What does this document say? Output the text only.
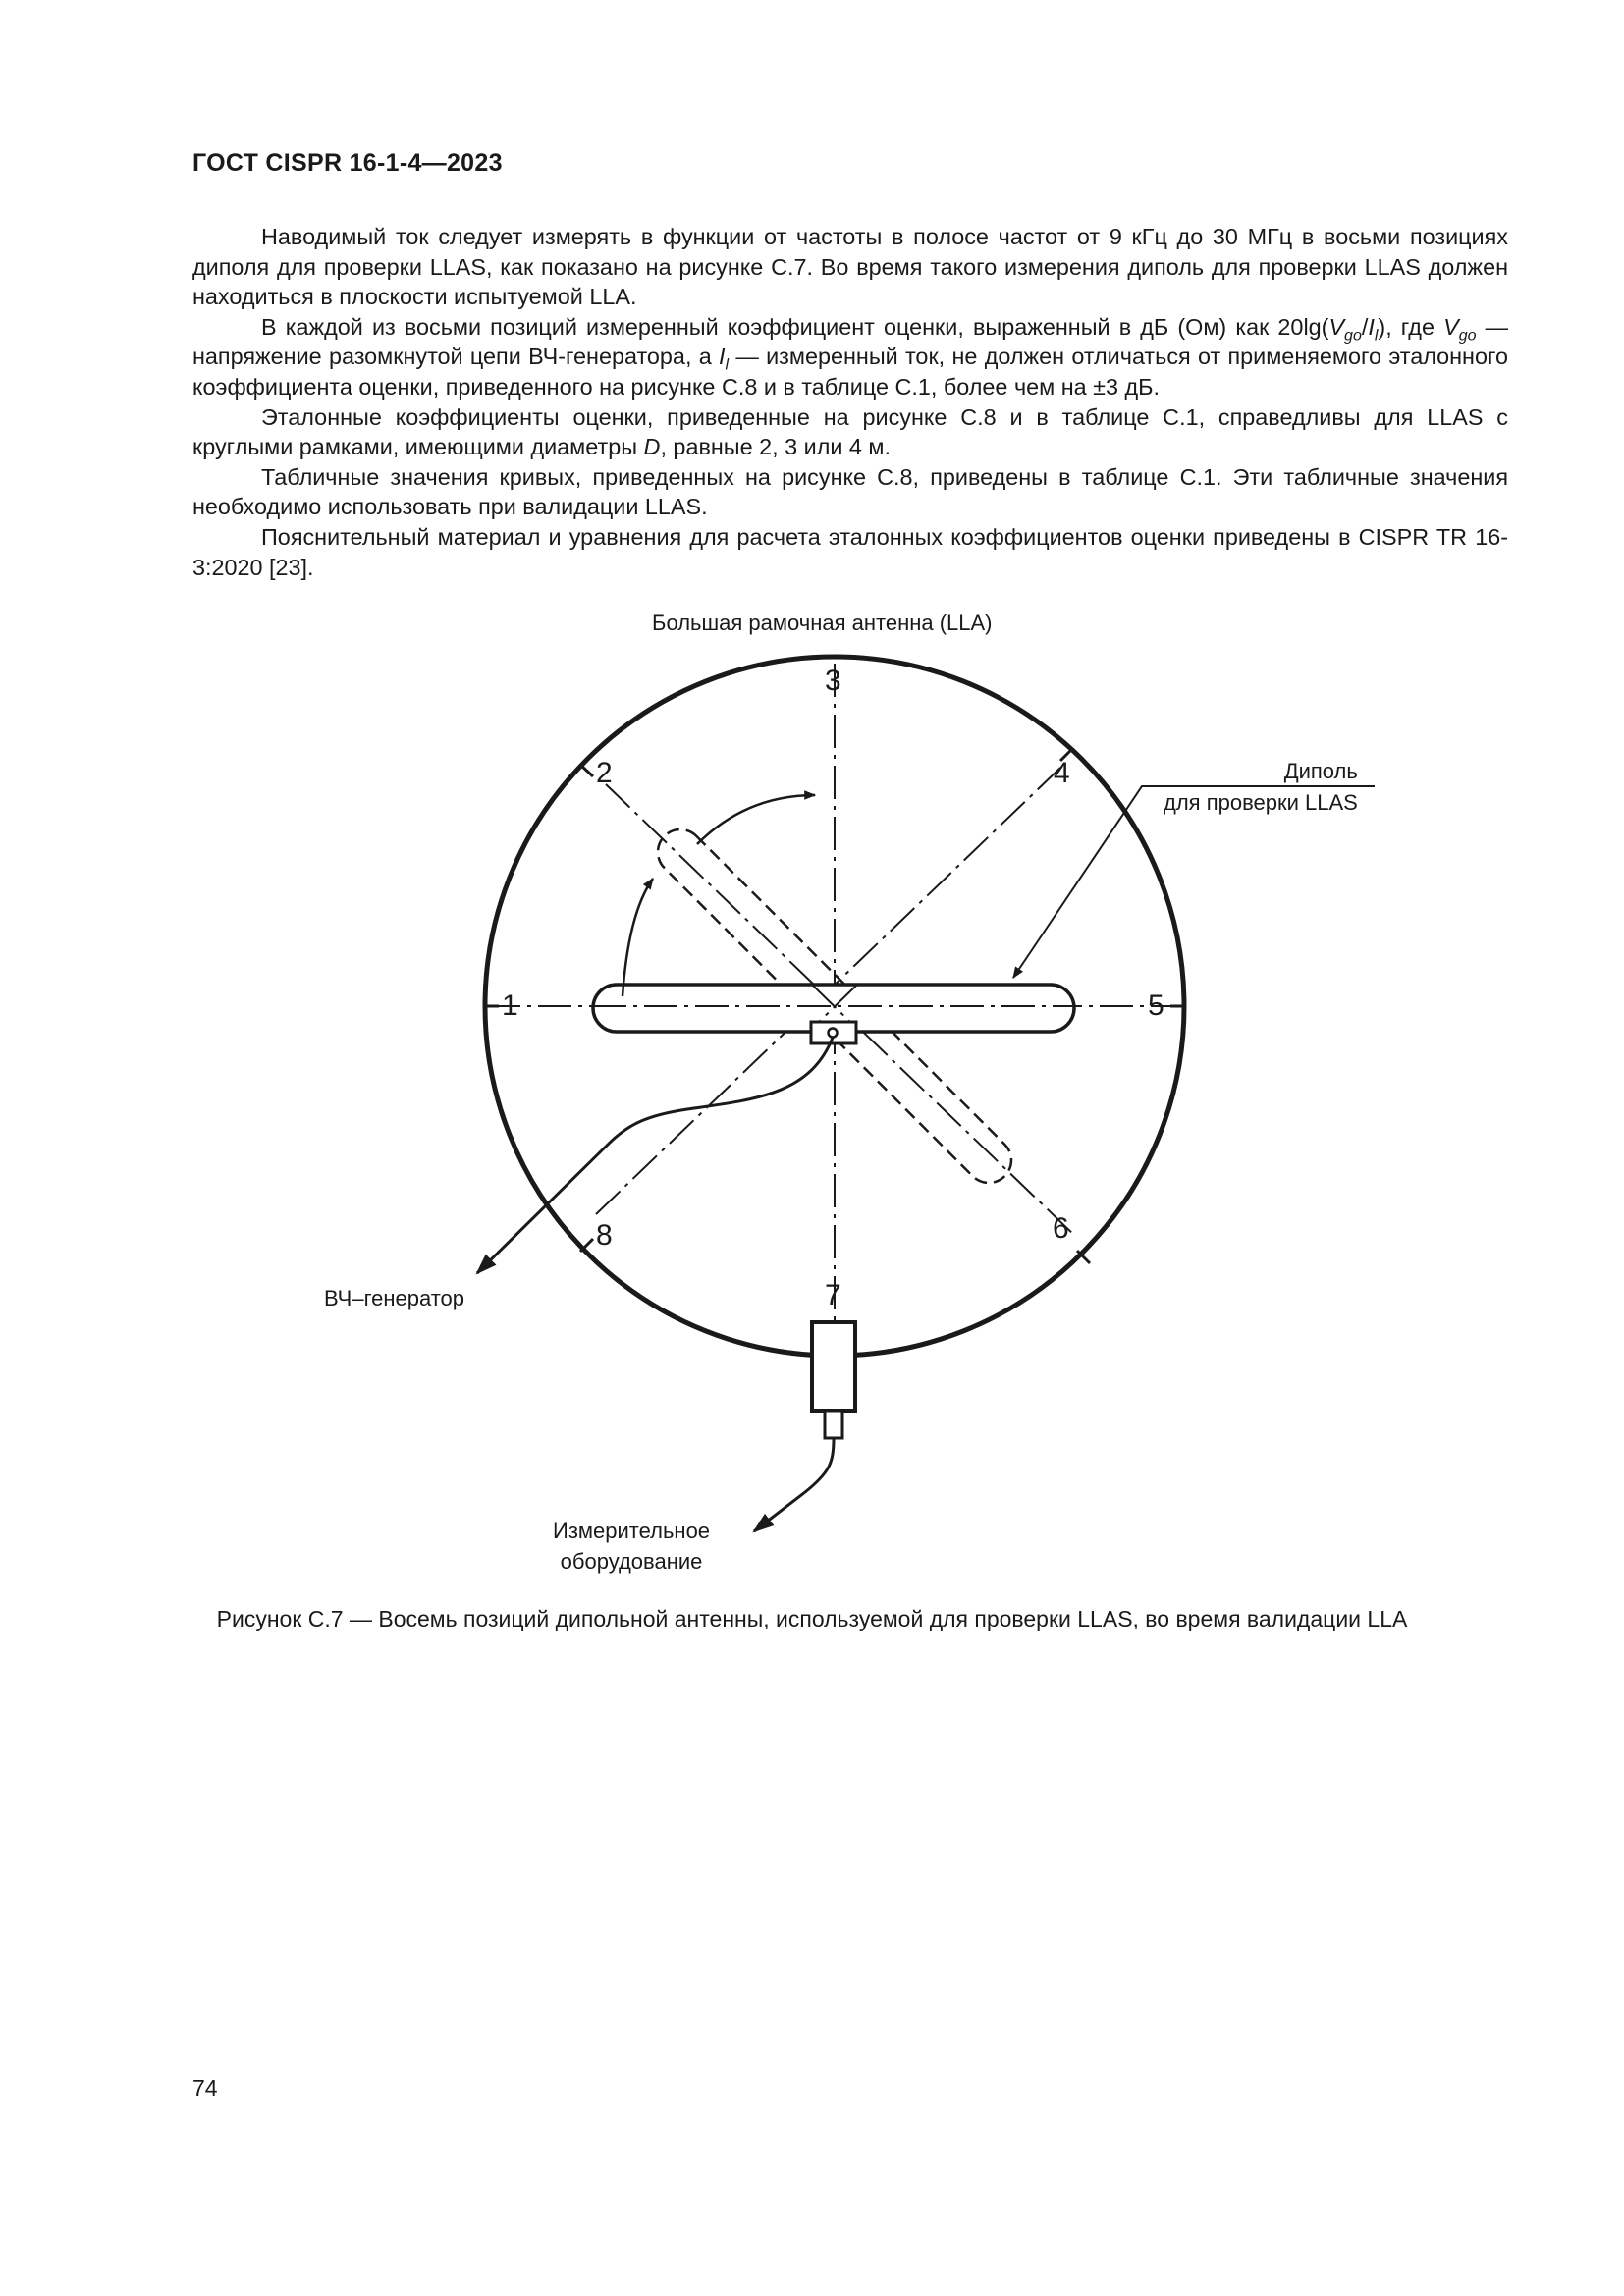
ГОСТ CISPR 16-1-4—2023

Наводимый ток следует измерять в функции от частоты в полосе частот от 9 кГц до 30 МГц в восьми позициях диполя для проверки LLAS, как показано на рисунке С.7. Во время такого измерения диполь для проверки LLAS должен находиться в плоскости испытуемой LLA.

В каждой из восьми позиций измеренный коэффициент оценки, выраженный в дБ (Ом) как $20\lg(V_{go}/I_l)$, где $V_{go}$ — напряжение разомкнутой цепи ВЧ-генератора, а $I_l$ — измеренный ток, не должен отличаться от применяемого эталонного коэффициента оценки, приведенного на рисунке С.8 и в таблице С.1, более чем на ±3 дБ.

Эталонные коэффициенты оценки, приведенные на рисунке С.8 и в таблице С.1, справедливы для LLAS с круглыми рамками, имеющими диаметры D, равные 2, 3 или 4 м.

Табличные значения кривых, приведенных на рисунке С.8, приведены в таблице С.1. Эти табличные значения необходимо использовать при валидации LLAS.

Пояснительный материал и уравнения для расчета эталонных коэффициентов оценки приведены в CISPR TR 16-3:2020 [23].

Большая рамочная антенна (LLA)
3
2	4
1	5
8	6
7
Диполь
для проверки LLAS
ВЧ–генератор
Измерительное
оборудование
Рисунок С.7 — Восемь позиций дипольной антенны, используемой для проверки LLAS, во время валидации LLA
74
